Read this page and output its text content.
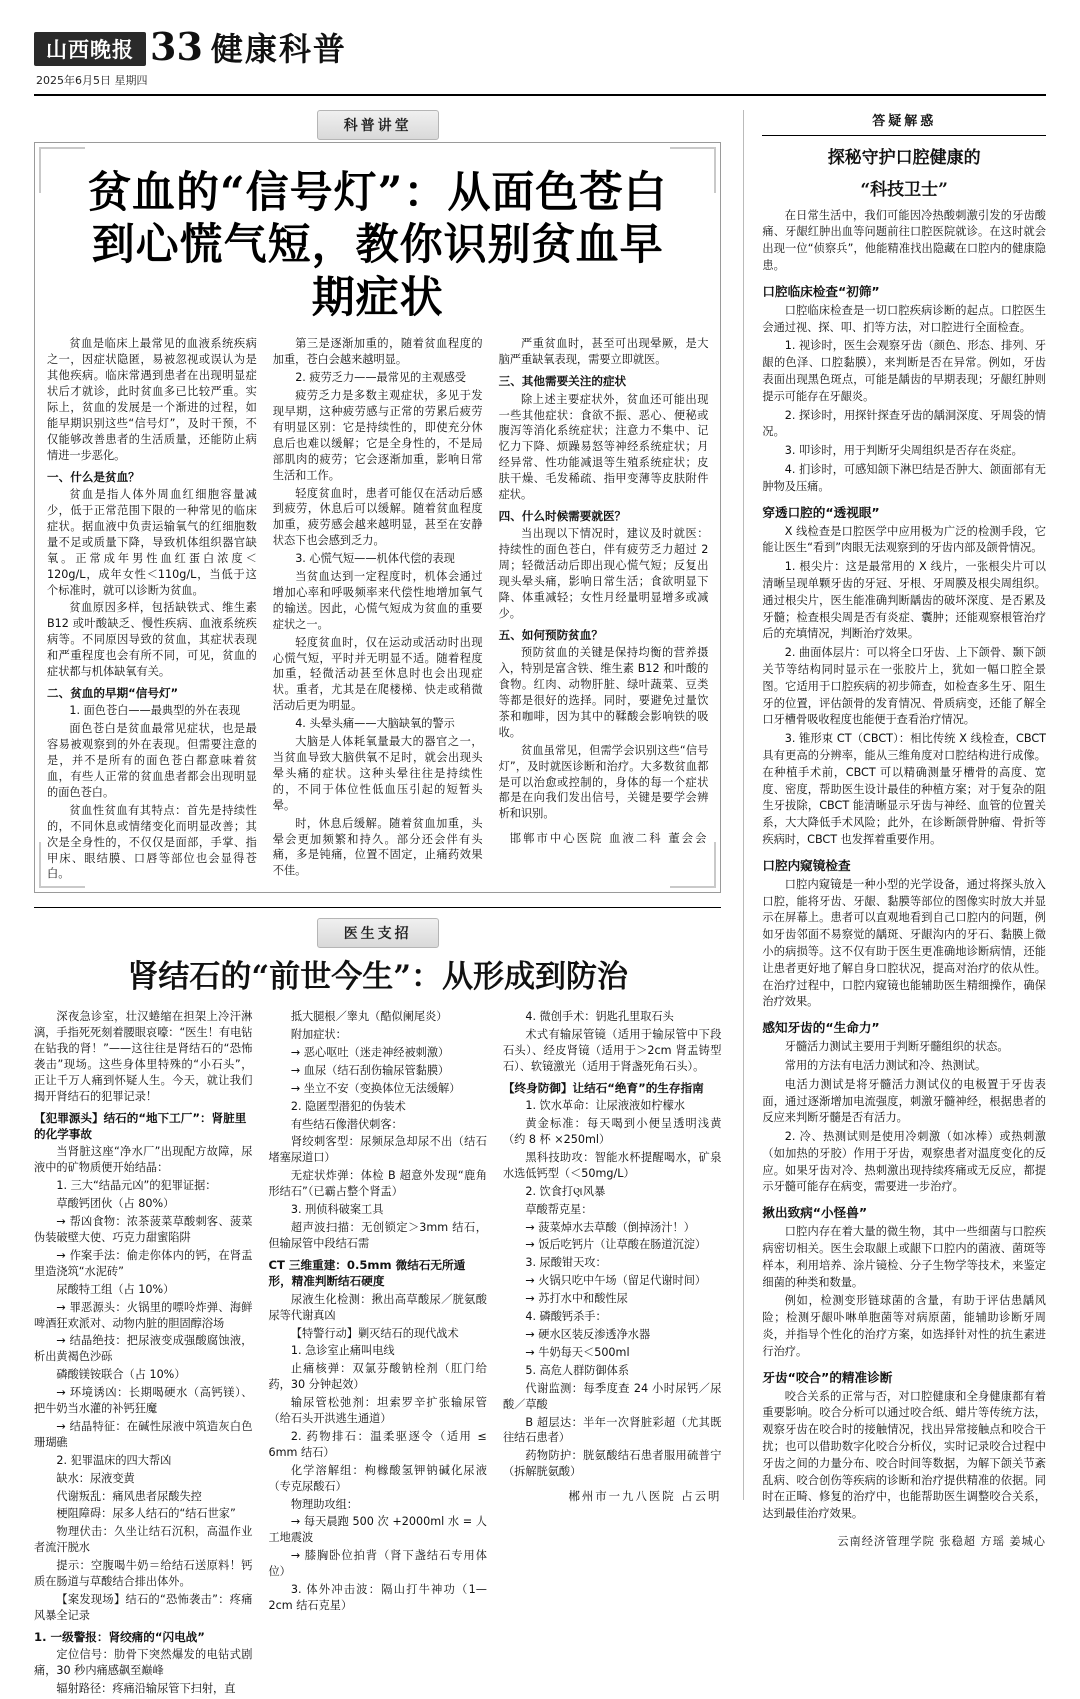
山西晚报 33 健康科普
2025年6月5日 星期四
科普讲堂
贫血的“信号灯”：从面色苍白到心慌气短，教你识别贫血早期症状

贫血是临床上最常见的血液系统疾病之一，因症状隐匿，易被忽视或误认为是其他疾病。临床常遇到患者在出现明显症状后才就诊，此时贫血多已比较严重。实际上，贫血的发展是一个渐进的过程，如能早期识别这些“信号灯”，及时干预，不仅能够改善患者的生活质量，还能防止病情进一步恶化。

一、什么是贫血？

贫血是指人体外周血红细胞容量减少，低于正常范围下限的一种常见的临床症状。据血液中负责运输氧气的红细胞数量不足或质量下降，导致机体组织器官缺氧。正常成年男性血红蛋白浓度＜120g/L，成年女性＜110g/L，当低于这个标准时，就可以诊断为贫血。

贫血原因多样，包括缺铁式、维生素B12 或叶酸缺乏、慢性疾病、血液系统疾病等。不同原因导致的贫血，其症状表现和严重程度也会有所不同，可见，贫血的症状都与机体缺氧有关。

二、贫血的早期“信号灯”

1. 面色苍白——最典型的外在表现

面色苍白是贫血最常见症状，也是最容易被观察到的外在表现。但需要注意的是，并不是所有的面色苍白都意味着贫血，有些人正常的贫血患者都会出现明显的面色苍白。

贫血性贫血有其特点：首先是持续性的，不同休息或情绪变化而明显改善；其次是全身性的，不仅仅是面部，手掌、指甲床、眼结膜、口唇等部位也会显得苍白。

第三是逐渐加重的，随着贫血程度的加重，苍白会越来越明显。

2. 疲劳乏力——最常见的主观感受

疲劳乏力是多数主观症状，多见于发现早期，这种疲劳感与正常的劳累后疲劳有明显区别：它是持续性的，即使充分休息后也难以缓解；它是全身性的，不是局部肌肉的疲劳；它会逐渐加重，影响日常生活和工作。

轻度贫血时，患者可能仅在活动后感到疲劳，休息后可以缓解。随着贫血程度加重，疲劳感会越来越明显，甚至在安静状态下也会感到乏力。

3. 心慌气短——机体代偿的表现

当贫血达到一定程度时，机体会通过增加心率和呼吸频率来代偿性地增加氧气的输送。因此，心慌气短成为贫血的重要症状之一。

轻度贫血时，仅在运动或活动时出现心慌气短，平时并无明显不适。随着程度加重，轻微活动甚至休息时也会出现症状。重者，尤其是在爬楼梯、快走或稍微活动后更为明显。

4. 头晕头痛——大脑缺氧的警示

大脑是人体耗氧量最大的器官之一，当贫血导致大脑供氧不足时，就会出现头晕头痛的症状。这种头晕往往是持续性的，不同于体位性低血压引起的短暂头晕。

时，休息后缓解。随着贫血加重，头晕会更加频繁和持久。部分还会伴有头痛，多是钝痛，位置不固定，止痛药效果不佳。

严重贫血时，甚至可出现晕厥，是大脑严重缺氧表现，需要立即就医。

三、其他需要关注的症状

除上述主要症状外，贫血还可能出现一些其他症状：食欲不振、恶心、便秘或腹泻等消化系统症状；注意力不集中、记忆力下降、烦躁易怒等神经系统症状；月经异常、性功能减退等生殖系统症状；皮肤干燥、毛发稀疏、指甲变薄等皮肤附件症状。

四、什么时候需要就医？

当出现以下情况时，建议及时就医：持续性的面色苍白，伴有疲劳乏力超过 2 周；轻微活动后即出现心慌气短；反复出现头晕头痛，影响日常生活；食欲明显下降、体重减轻；女性月经量明显增多或减少。

五、如何预防贫血？

预防贫血的关键是保持均衡的营养摄入，特别是富含铁、维生素 B12 和叶酸的食物。红肉、动物肝脏、绿叶蔬菜、豆类等都是很好的选择。同时，要避免过量饮茶和咖啡，因为其中的鞣酸会影响铁的吸收。

贫血虽常见，但需学会识别这些“信号灯”，及时就医诊断和治疗。大多数贫血都是可以治愈或控制的，身体的每一个症状都是在向我们发出信号，关键是要学会辨析和识别。

邯郸市中心医院 血液二科 董会会
医生支招
肾结石的“前世今生”：从形成到防治

深夜急诊室，壮汉蜷缩在担架上冷汗淋漓，手指死死刻着腰眼哀嚎：“医生！有电钻在钻我的肾！”——这往往是肾结石的“恐怖袭击”现场。这些身体里特殊的“小石头”，正让千万人痛到怀疑人生。今天，就让我们揭开肾结石的犯罪记录！

【犯罪源头】结石的“地下工厂”：肾脏里的化学事故

当肾脏这座“净水厂”出现配方故障，尿液中的矿物质便开始结晶：

1. 三大“结晶元凶”的犯罪证据：

草酸钙团伙（占 80%）

→ 帮凶食物：浓茶菠菜草酸刺客、菠菜伪装破壁大使、巧克力甜蜜陷阱

→ 作案手法：偷走你体内的钙，在肾盂里造浇筑“水泥砖”

尿酸特工组（占 10%）

→ 罪恶源头：火锅里的嘌呤炸弹、海鲜啤酒狂欢派对、动物内脏的胆固醇浴场

→ 结晶绝技：把尿液变成强酸腐蚀液，析出黄褐色沙砾

磷酸镁铵联合（占 10%）

→ 环境诱凶：长期喝硬水（高钙镁）、把牛奶当水灌的补钙狂魔

→ 结晶特征：在碱性尿液中筑造灰白色珊瑚礁

2. 犯罪温床的四大帮凶

缺水：尿液变黄

代谢叛乱：痛风患者尿酸失控

梗阻障碍：尿多人结石的“结石世家”

物理伏击：久坐让结石沉积，高温作业者流汗脱水

提示：空腹喝牛奶＝给结石送原料！钙质在肠道与草酸结合排出体外。

【案发现场】结石的“恐怖袭击”：疼痛风暴全记录

1. 一级警报：肾绞痛的“闪电战”

定位信号：肋骨下突然爆发的电钻式剧痛，30 秒内痛感飙至巅峰

辐射路径：疼痛沿输尿管下扫射，直

抵大腿根／睾丸（酷似阑尾炎）

附加症状：

→ 恶心呕吐（迷走神经被刺激）

→ 血尿（结石刮伤输尿管黏膜）

→ 坐立不安（变换体位无法缓解）

2. 隐匿型潜犯的伪装术

有些结石像潜伏刺客：

肾绞刺客型：尿频尿急却尿不出（结石堵塞尿道口）

无症状炸弹：体检 B 超意外发现“鹿角形结石”（已霸占整个肾盂）

3. 刑侦科破案工具

超声波扫描：无创锁定＞3mm 结石，但输尿管中段结石需

CT 三维重建：0.5mm 微结石无所遁形，精准判断结石硬度

尿液生化检测：揪出高草酸尿／胱氨酸尿等代谢真凶

【特警行动】剿灭结石的现代战术

1. 急诊室止痛叫电线

止痛核弹：双氯芬酸钠栓剂（肛门给药，30 分钟起效）

输尿管松弛剂：坦索罗辛扩张输尿管（给石头开洪逃生通道）

2. 药物排石：温柔驱逐令（适用 ≤ 6mm 结石）

化学溶解组：枸橼酸氢钾钠碱化尿液（专克尿酸石）

物理助攻组：

→ 每天晨跑 500 次 +2000ml 水 = 人工地震波

→ 膝胸卧位拍背（肾下盏结石专用体位）

3. 体外冲击波：隔山打牛神功（1—2cm 结石克星）

4. 微创手术：钥匙孔里取石头

术式有输尿管镜（适用于输尿管中下段石头）、经皮肾镜（适用于＞2cm 肾盂铸型石）、软镜激光（适用于肾盏死角石头）。

【终身防御】让结石“绝育”的生存指南

1. 饮水革命：让尿液液如柠檬水

黄金标准：每天喝到小便呈透明浅黄（约 8 杯 ×250ml）

黑科技助攻：智能水杯提醒喝水，矿泉水选低钙型（＜50mg/L）

2. 饮食打ણ风暴

草酸帮克星：

→ 菠菜焯水去草酸（倒掉汤汁！）

→ 饭后吃钙片（让草酸在肠道沉淀）

3. 尿酸钳天攻：

→ 火锅只吃中午场（留足代谢时间）

→ 苏打水中和酸性尿

4. 磷酸钙杀手：

→ 硬水区装反渗透净水器

→ 牛奶每天＜500ml

5. 高危人群防御体系

代谢监测：每季度查 24 小时尿钙／尿酸／草酸

B 超层达：半年一次肾脏彩超（尤其既往结石患者）

药物防护：胱氨酸结石患者服用硫普宁（拆解胱氨酸）

郴州市一九八医院 占云明
答疑解惑
探秘守护口腔健康的
“科技卫士”

在日常生活中，我们可能因冷热酸刺激引发的牙齿酸痛、牙龈红肿出血等问题前往口腔医院就诊。在这时就会出现一位“侦察兵”，他能精准找出隐藏在口腔内的健康隐患。

口腔临床检查“初筛”

口腔临床检查是一切口腔疾病诊断的起点。口腔医生会通过视、探、叩、扪等方法，对口腔进行全面检查。

1. 视诊时，医生会观察牙齿（颜色、形态、排列、牙龈的色泽、口腔黏膜），来判断是否在异常。例如，牙齿表面出现黑色斑点，可能是龋齿的早期表现；牙龈红肿则提示可能存在牙龈炎。

2. 探诊时，用探针探查牙齿的龋洞深度、牙周袋的情况。

3. 叩诊时，用于判断牙尖周组织是否存在炎症。

4. 扪诊时，可感知颌下淋巴结是否肿大、颌面部有无肿物及压痛。

穿透口腔的“透视眼”

X 线检查是口腔医学中应用极为广泛的检测手段，它能让医生“看到”肉眼无法观察到的牙齿内部及颌骨情况。

1. 根尖片：这是最常用的 X 线片，一张根尖片可以清晰呈现单颗牙齿的牙冠、牙根、牙周膜及根尖周组织。通过根尖片，医生能准确判断龋齿的破坏深度、是否累及牙髓；检查根尖周是否有炎症、囊肿；还能观察根管治疗后的充填情况，判断治疗效果。

2. 曲面体层片：可以将全口牙齿、上下颌骨、颞下颌关节等结构同时显示在一张胶片上，犹如一幅口腔全景图。它适用于口腔疾病的初步筛查，如检查多生牙、阻生牙的位置，评估颌骨的发育情况、骨质病变，还能了解全口牙槽骨吸收程度也能便于查看治疗情况。

3. 锥形束 CT（CBCT）：相比传统 X 线检查，CBCT 具有更高的分辨率，能从三维角度对口腔结构进行成像。在种植手术前，CBCT 可以精确测量牙槽骨的高度、宽度、密度，帮助医生设计最佳的种植方案；对于复杂的阻生牙拔除，CBCT 能清晰显示牙齿与神经、血管的位置关系，大大降低手术风险；此外，在诊断颌骨肿瘤、骨折等疾病时，CBCT 也发挥着重要作用。

口腔内窥镜检查

口腔内窥镜是一种小型的光学设备，通过将探头放入口腔，能将牙齿、牙龈、黏膜等部位的图像实时放大并显示在屏幕上。患者可以直观地看到自己口腔内的问题，例如牙齿邻面不易察觉的龋斑、牙龈沟内的牙石、黏膜上微小的病损等。这不仅有助于医生更准确地诊断病情，还能让患者更好地了解自身口腔状况，提高对治疗的依从性。在治疗过程中，口腔内窥镜也能辅助医生精细操作，确保治疗效果。

感知牙齿的“生命力”

牙髓活力测试主要用于判断牙髓组织的状态。

常用的方法有电活力测试和冷、热测试。

电活力测试是将牙髓活力测试仪的电极置于牙齿表面，通过逐渐增加电流强度，刺激牙髓神经，根据患者的反应来判断牙髓是否有活力。

2. 冷、热测试则是使用冷刺激（如冰棒）或热刺激（如加热的牙胶）作用于牙齿，观察患者对温度变化的反应。如果牙齿对冷、热刺激出现持续疼痛或无反应，都提示牙髓可能存在病变，需要进一步治疗。

揪出致病“小怪兽”

口腔内存在着大量的微生物，其中一些细菌与口腔疾病密切相关。医生会取龈上或龈下口腔内的菌液、菌斑等样本，利用培养、涂片镜检、分子生物学等技术，来鉴定细菌的种类和数量。

例如，检测变形链球菌的含量，有助于评估患龋风险；检测牙龈卟啉单胞菌等对病原菌，能辅助诊断牙周炎，并指导个性化的治疗方案，如选择针对性的抗生素进行治疗。

牙齿“咬合”的精准诊断

咬合关系的正常与否，对口腔健康和全身健康都有着重要影响。咬合分析可以通过咬合纸、蜡片等传统方法，观察牙齿在咬合时的接触情况，找出异常接触点和咬合干扰；也可以借助数字化咬合分析仪，实时记录咬合过程中牙齿之间的力量分布、咬合时间等数据，为解下颌关节紊乱病、咬合创伤等疾病的诊断和治疗提供精准的依据。同时在正畸、修复的治疗中，也能帮助医生调整咬合关系，达到最佳治疗效果。

云南经济管理学院 张稳超 方瑶 姜城心
